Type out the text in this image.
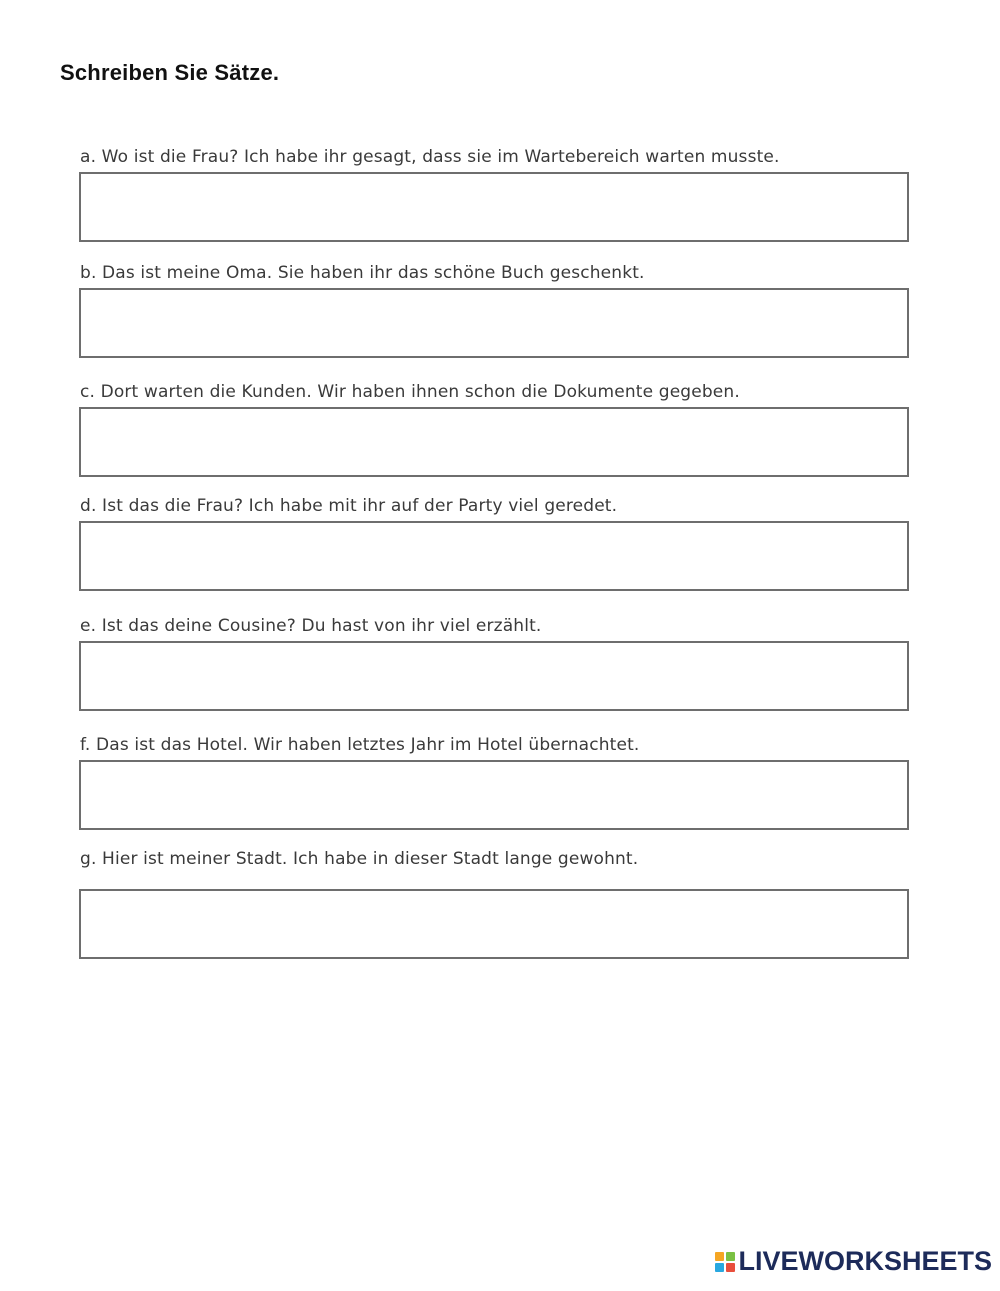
Schreiben Sie Sätze.
a. Wo ist die Frau? Ich habe ihr gesagt, dass sie im Wartebereich warten musste.
b. Das ist meine Oma. Sie haben ihr das schöne Buch geschenkt.
c. Dort warten die Kunden. Wir haben ihnen schon die Dokumente gegeben.
d. Ist das die Frau? Ich habe mit ihr auf der Party viel geredet.
e. Ist das deine Cousine? Du hast von ihr viel erzählt.
f. Das ist das Hotel. Wir haben letztes Jahr im Hotel übernachtet.
g. Hier ist meiner Stadt. Ich habe in dieser Stadt lange gewohnt.
LIVEWORKSHEETS
